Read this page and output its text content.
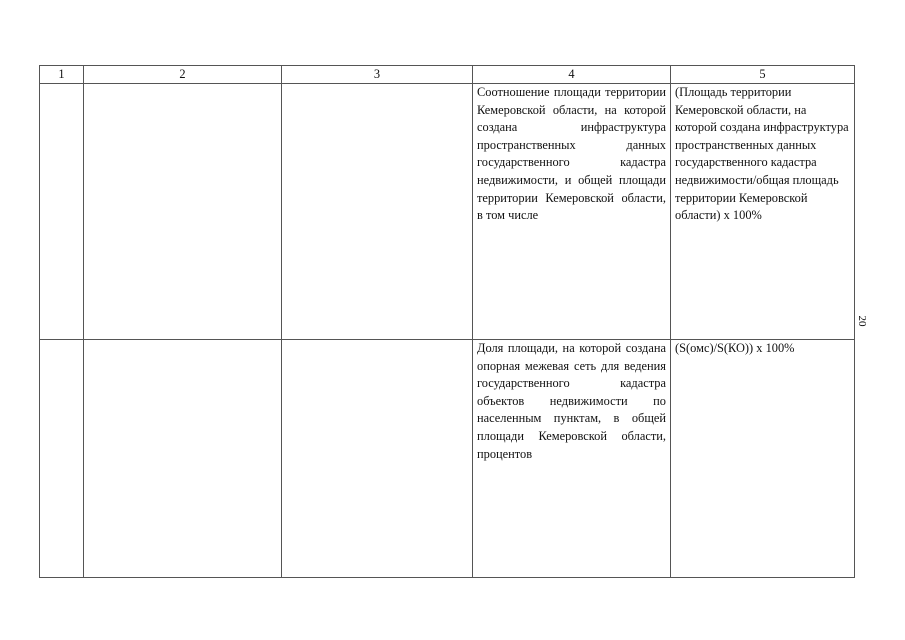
1	2	3	4	5
			Соотношение площади территории Кемеровской области, на которой создана инфраструктура пространственных данных государственного кадастра недвижимости, и общей площади территории Кемеровской области, в том числе	(Площадь территории Кемеровской области, на которой создана инфраструктура пространственных данных государственного кадастра недвижимости/общая площадь территории Кемеровской области) x 100%
			Доля площади, на которой создана опорная межевая сеть для ведения государственного кадастра объектов недвижимости по населенным пунктам, в общей площади Кемеровской области, процентов	(S(омс)/S(КО)) x 100%
20
